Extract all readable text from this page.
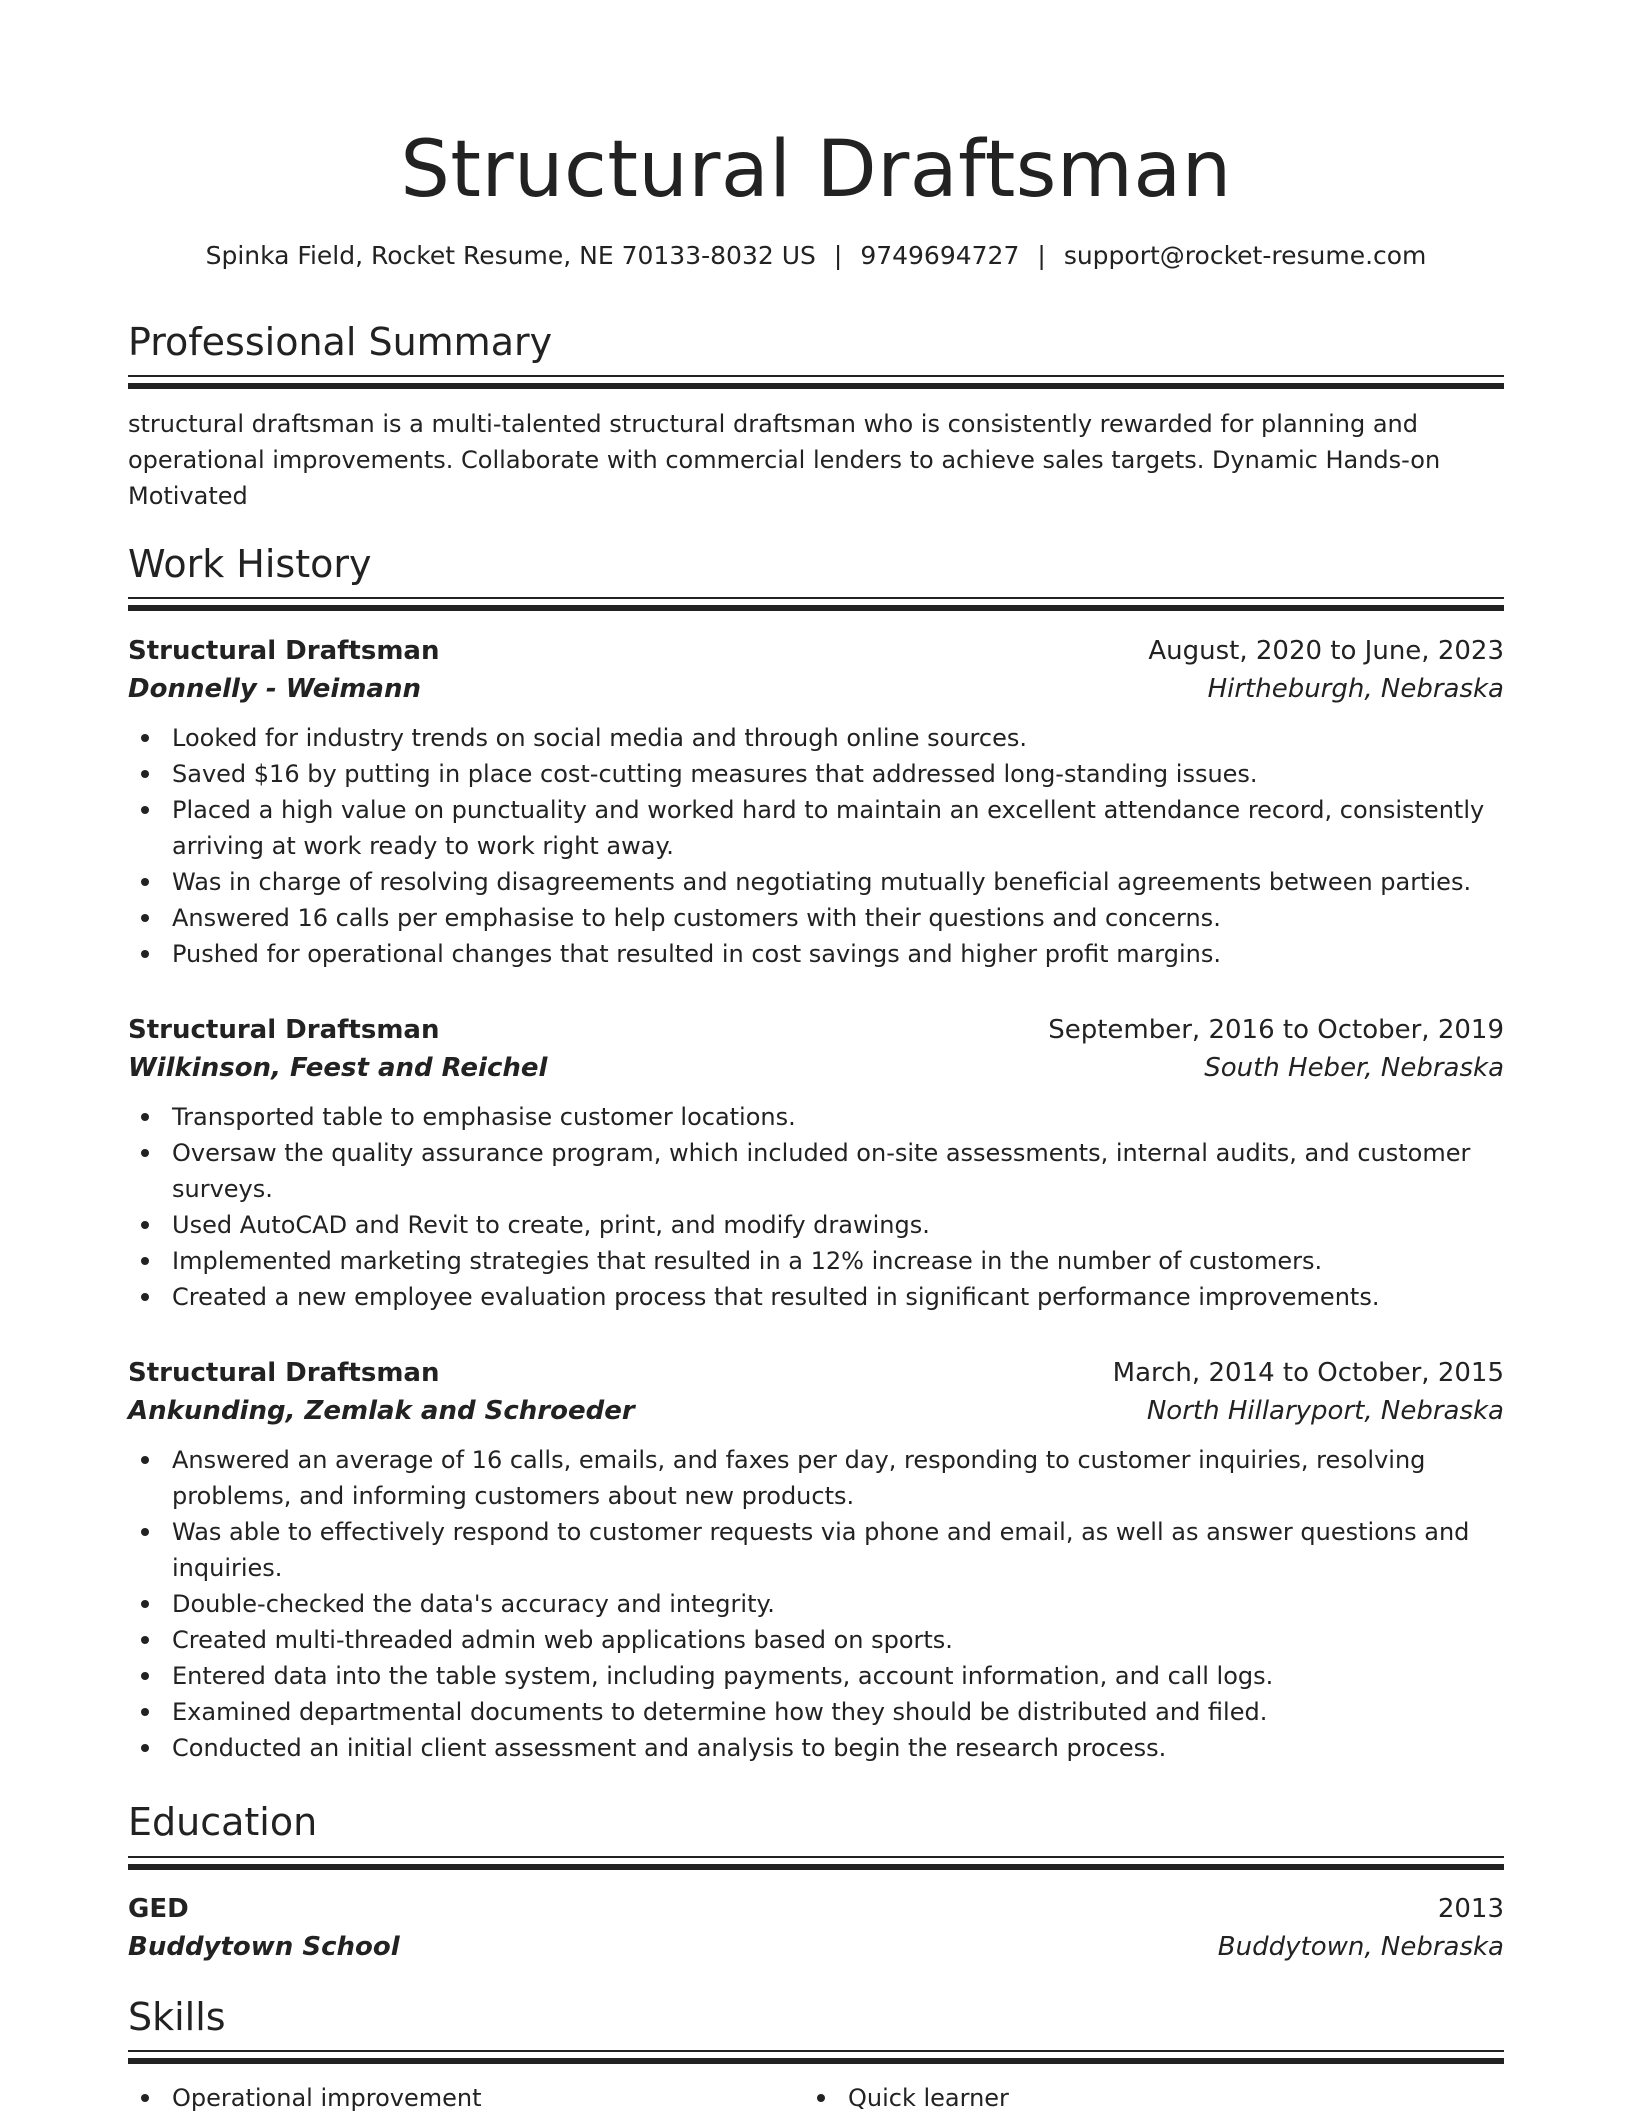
Structural Draftsman
Spinka Field, Rocket Resume, NE 70133-8032 US | 9749694727 | support@rocket-resume.com
Professional Summary

structural draftsman is a multi-talented structural draftsman who is consistently rewarded for planning and operational improvements. Collaborate with commercial lenders to achieve sales targets. Dynamic Hands-on Motivated

Work History
Structural Draftsman	August, 2020 to June, 2023
Donnelly - Weimann	Hirtheburgh, Nebraska
Looked for industry trends on social media and through online sources.
Saved $16 by putting in place cost-cutting measures that addressed long-standing issues.
Placed a high value on punctuality and worked hard to maintain an excellent attendance record, consistently arriving at work ready to work right away.
Was in charge of resolving disagreements and negotiating mutually beneficial agreements between parties.
Answered 16 calls per emphasise to help customers with their questions and concerns.
Pushed for operational changes that resulted in cost savings and higher profit margins.
Structural Draftsman	September, 2016 to October, 2019
Wilkinson, Feest and Reichel	South Heber, Nebraska
Transported table to emphasise customer locations.
Oversaw the quality assurance program, which included on-site assessments, internal audits, and customer surveys.
Used AutoCAD and Revit to create, print, and modify drawings.
Implemented marketing strategies that resulted in a 12% increase in the number of customers.
Created a new employee evaluation process that resulted in significant performance improvements.
Structural Draftsman	March, 2014 to October, 2015
Ankunding, Zemlak and Schroeder	North Hillaryport, Nebraska
Answered an average of 16 calls, emails, and faxes per day, responding to customer inquiries, resolving problems, and informing customers about new products.
Was able to effectively respond to customer requests via phone and email, as well as answer questions and inquiries.
Double-checked the data's accuracy and integrity.
Created multi-threaded admin web applications based on sports.
Entered data into the table system, including payments, account information, and call logs.
Examined departmental documents to determine how they should be distributed and filed.
Conducted an initial client assessment and analysis to begin the research process.
Education
GED	2013
Buddytown School	Buddytown, Nebraska
Skills
Operational improvement	Quick learner
